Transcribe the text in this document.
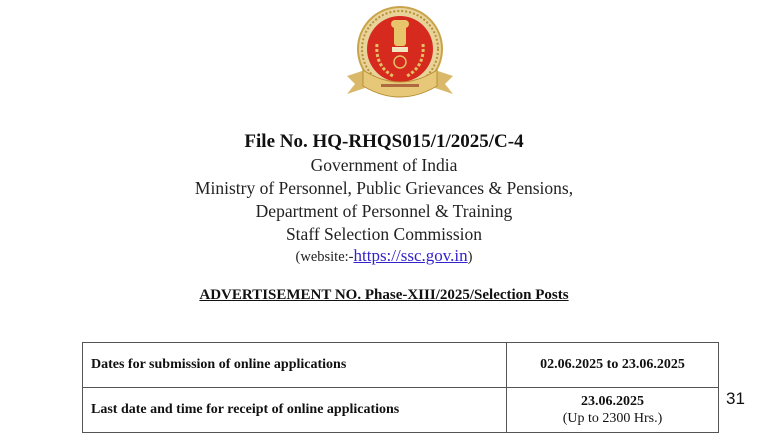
File No. HQ-RHQS015/1/2025/C-4
Government of India
Ministry of Personnel, Public Grievances & Pensions,
Department of Personnel & Training
Staff Selection Commission
(website:-https://ssc.gov.in)
ADVERTISEMENT NO. Phase-XIII/2025/Selection Posts
Dates for submission of online applications	02.06.2025 to 23.06.2025

Last date and time for receipt of online applications	23.06.2025
(Up to 2300 Hrs.)
31
